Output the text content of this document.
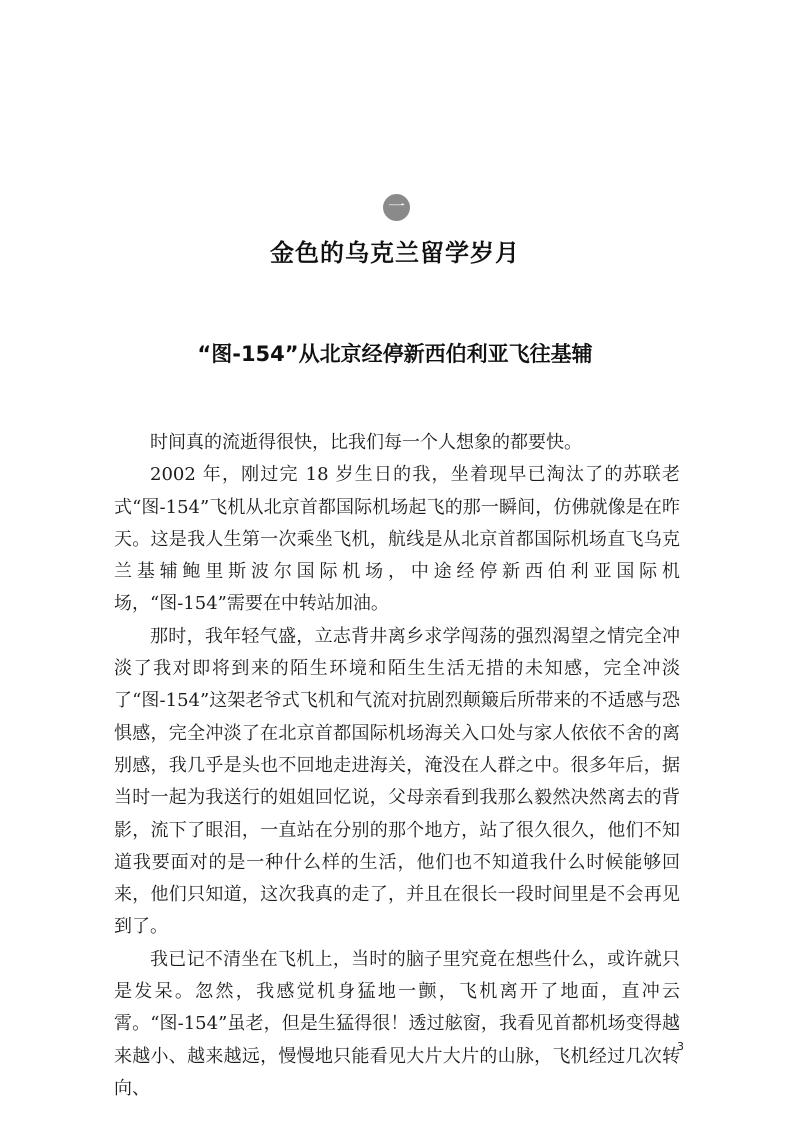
一
金色的乌克兰留学岁月
“图-154”从北京经停新西伯利亚飞往基辅

时间真的流逝得很快，比我们每一个人想象的都要快。

2002 年，刚过完 18 岁生日的我，坐着现早已淘汰了的苏联老式“图-154”飞机从北京首都国际机场起飞的那一瞬间，仿佛就像是在昨天。这是我人生第一次乘坐飞机，航线是从北京首都国际机场直飞乌克兰基辅鲍里斯波尔国际机场，中途经停新西伯利亚国际机场，“图-154”需要在中转站加油。

那时，我年轻气盛，立志背井离乡求学闯荡的强烈渴望之情完全冲淡了我对即将到来的陌生环境和陌生生活无措的未知感，完全冲淡了“图-154”这架老爷式飞机和气流对抗剧烈颠簸后所带来的不适感与恐惧感，完全冲淡了在北京首都国际机场海关入口处与家人依依不舍的离别感，我几乎是头也不回地走进海关，淹没在人群之中。很多年后，据当时一起为我送行的姐姐回忆说，父母亲看到我那么毅然决然离去的背影，流下了眼泪，一直站在分别的那个地方，站了很久很久，他们不知道我要面对的是一种什么样的生活，他们也不知道我什么时候能够回来，他们只知道，这次我真的走了，并且在很长一段时间里是不会再见到了。

我已记不清坐在飞机上，当时的脑子里究竟在想些什么，或许就只是发呆。忽然，我感觉机身猛地一颤，飞机离开了地面，直冲云霄。“图-154”虽老，但是生猛得很！透过舷窗，我看见首都机场变得越来越小、越来越远，慢慢地只能看见大片大片的山脉，飞机经过几次转向、

3
